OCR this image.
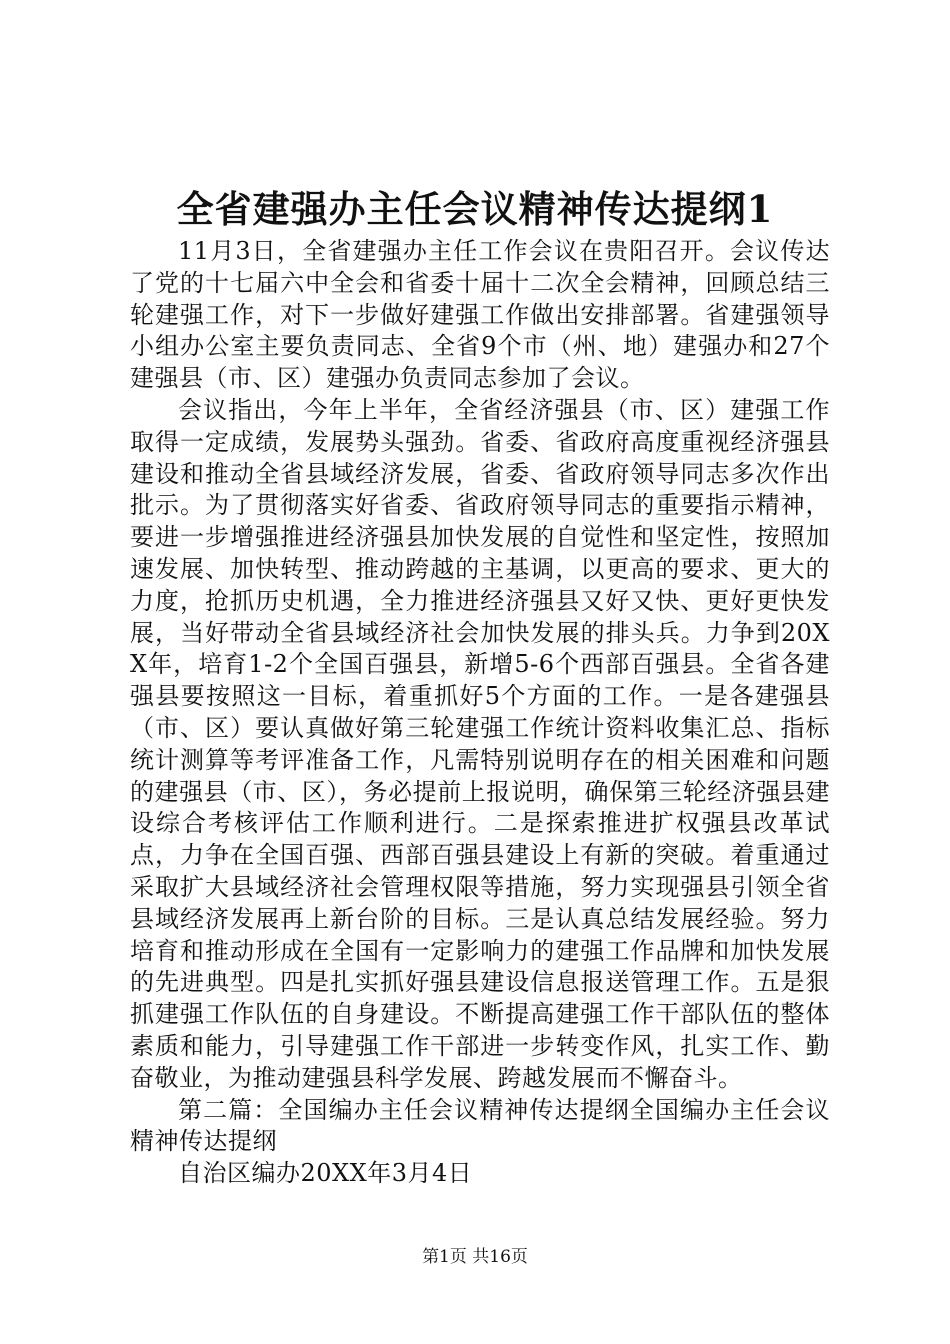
全省建强办主任会议精神传达提纲1

11月3日，全省建强办主任工作会议在贵阳召开。会议传达了党的十七届六中全会和省委十届十二次全会精神，回顾总结三轮建强工作，对下一步做好建强工作做出安排部署。省建强领导小组办公室主要负责同志、全省9个市（州、地）建强办和27个建强县（市、区）建强办负责同志参加了会议。

会议指出，今年上半年，全省经济强县（市、区）建强工作取得一定成绩，发展势头强劲。省委、省政府高度重视经济强县建设和推动全省县域经济发展，省委、省政府领导同志多次作出批示。为了贯彻落实好省委、省政府领导同志的重要指示精神，要进一步增强推进经济强县加快发展的自觉性和坚定性，按照加速发展、加快转型、推动跨越的主基调，以更高的要求、更大的力度，抢抓历史机遇，全力推进经济强县又好又快、更好更快发展，当好带动全省县域经济社会加快发展的排头兵。力争到20XX年，培育1-2个全国百强县，新增5-6个西部百强县。全省各建强县要按照这一目标，着重抓好5个方面的工作。一是各建强县（市、区）要认真做好第三轮建强工作统计资料收集汇总、指标统计测算等考评准备工作，凡需特别说明存在的相关困难和问题的建强县（市、区），务必提前上报说明，确保第三轮经济强县建设综合考核评估工作顺利进行。二是探索推进扩权强县改革试点，力争在全国百强、西部百强县建设上有新的突破。着重通过采取扩大县域经济社会管理权限等措施，努力实现强县引领全省县域经济发展再上新台阶的目标。三是认真总结发展经验。努力培育和推动形成在全国有一定影响力的建强工作品牌和加快发展的先进典型。四是扎实抓好强县建设信息报送管理工作。五是狠抓建强工作队伍的自身建设。不断提高建强工作干部队伍的整体素质和能力，引导建强工作干部进一步转变作风，扎实工作、勤奋敬业，为推动建强县科学发展、跨越发展而不懈奋斗。

第二篇：全国编办主任会议精神传达提纲全国编办主任会议精神传达提纲

自治区编办20XX年3月4日

第1页 共16页
